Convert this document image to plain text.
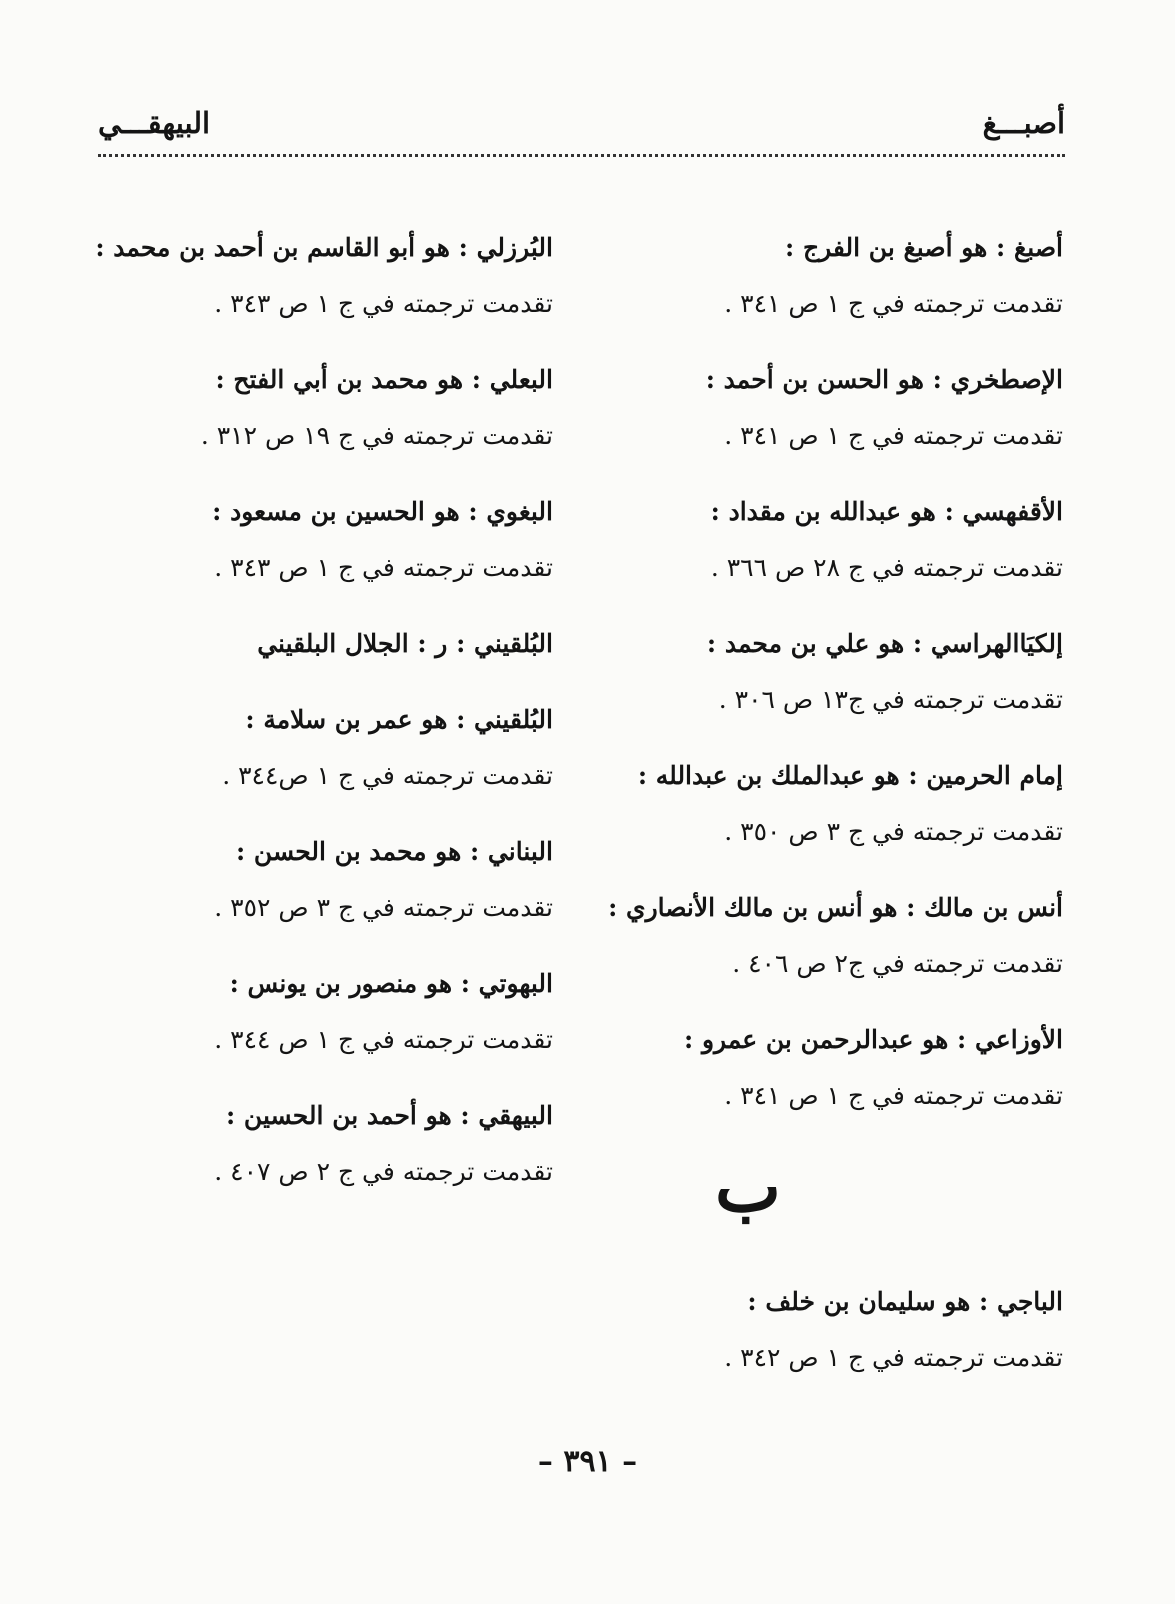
أصبـــغ
البيهقـــي
أصبغ : هو أصبغ بن الفرج :
تقدمت ترجمته في ج ١ ص ٣٤١ .
الإصطخري : هو الحسن بن أحمد :
تقدمت ترجمته في ج ١ ص ٣٤١ .
الأقفهسي : هو عبدالله بن مقداد :
تقدمت ترجمته في ج ٢٨ ص ٣٦٦ .
إلكيَاالهراسي : هو علي بن محمد :
تقدمت ترجمته في ج١٣ ص ٣٠٦ .
إمام الحرمين : هو عبدالملك بن عبدالله :
تقدمت ترجمته في ج ٣ ص ٣٥٠ .
أنس بن مالك : هو أنس بن مالك الأنصاري :
تقدمت ترجمته في ج٢ ص ٤٠٦ .
الأوزاعي : هو عبدالرحمن بن عمرو :
تقدمت ترجمته في ج ١ ص ٣٤١ .
ب
الباجي : هو سليمان بن خلف :
تقدمت ترجمته في ج ١ ص ٣٤٢ .
البُرزلي : هو أبو القاسم بن أحمد بن محمد :
تقدمت ترجمته في ج ١ ص ٣٤٣ .
البعلي : هو محمد بن أبي الفتح :
تقدمت ترجمته في ج ١٩ ص ٣١٢ .
البغوي : هو الحسين بن مسعود :
تقدمت ترجمته في ج ١ ص ٣٤٣ .
البُلقيني : ر : الجلال البلقيني
البُلقيني : هو عمر بن سلامة :
تقدمت ترجمته في ج ١ ص٣٤٤ .
البناني : هو محمد بن الحسن :
تقدمت ترجمته في ج ٣ ص ٣٥٢ .
البهوتي : هو منصور بن يونس :
تقدمت ترجمته في ج ١ ص ٣٤٤ .
البيهقي : هو أحمد بن الحسين :
تقدمت ترجمته في ج ٢ ص ٤٠٧ .
– ٣٩١ –
